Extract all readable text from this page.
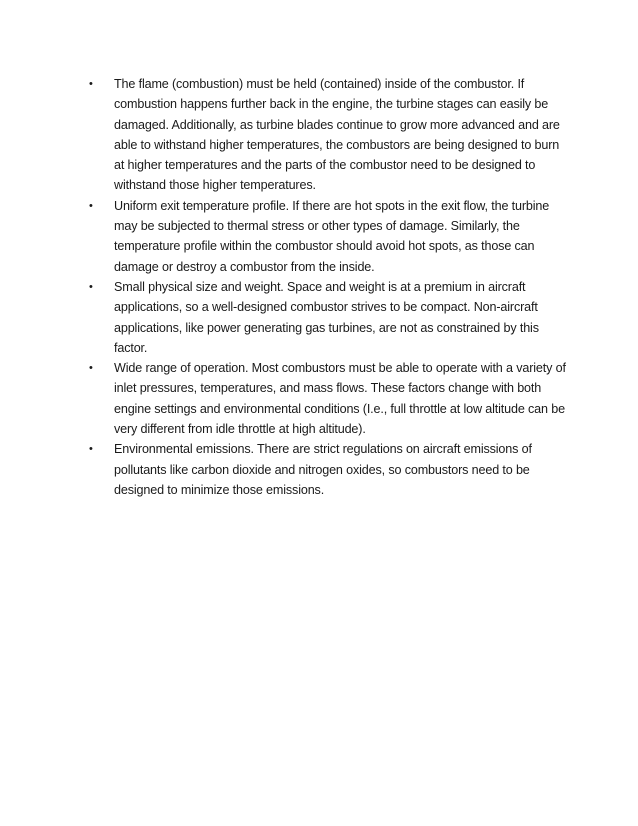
• The flame (combustion) must be held (contained) inside of the combustor. If combustion happens further back in the engine, the turbine stages can easily be damaged. Additionally, as turbine blades continue to grow more advanced and are able to withstand higher temperatures, the combustors are being designed to burn at higher temperatures and the parts of the combustor need to be designed to withstand those higher temperatures.
• Uniform exit temperature profile. If there are hot spots in the exit flow, the turbine may be subjected to thermal stress or other types of damage. Similarly, the temperature profile within the combustor should avoid hot spots, as those can damage or destroy a combustor from the inside.
• Small physical size and weight. Space and weight is at a premium in aircraft applications, so a well-designed combustor strives to be compact. Non-aircraft applications, like power generating gas turbines, are not as constrained by this factor.
• Wide range of operation. Most combustors must be able to operate with a variety of inlet pressures, temperatures, and mass flows. These factors change with both engine settings and environmental conditions (I.e., full throttle at low altitude can be very different from idle throttle at high altitude).
• Environmental emissions. There are strict regulations on aircraft emissions of pollutants like carbon dioxide and nitrogen oxides, so combustors need to be designed to minimize those emissions.
